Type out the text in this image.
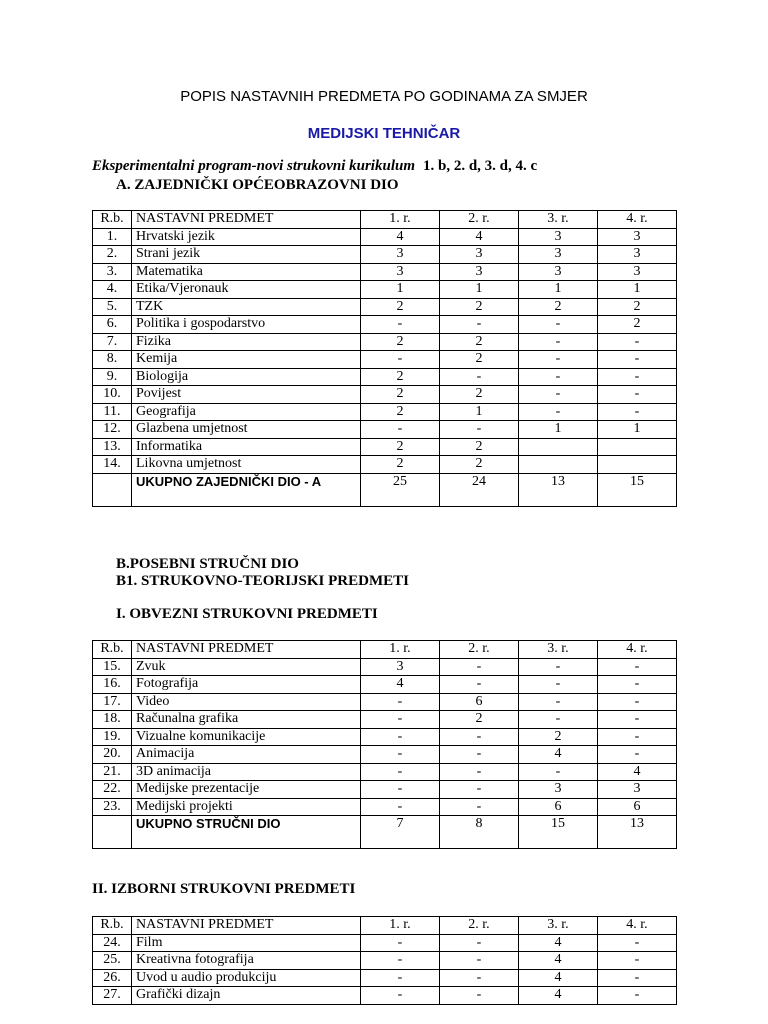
POPIS NASTAVNIH PREDMETA PO GODINAMA ZA SMJER
MEDIJSKI TEHNIČAR
Eksperimentalni program-novi strukovni kurikulum 1. b, 2. d, 3. d, 4. c
A. ZAJEDNIČKI OPĆEOBRAZOVNI DIO
R.b.	NASTAVNI PREDMET	1. r.	2. r.	3. r.	4. r.
1.	Hrvatski jezik	4	4	3	3
2.	Strani jezik	3	3	3	3
3.	Matematika	3	3	3	3
4.	Etika/Vjeronauk	1	1	1	1
5.	TZK	2	2	2	2
6.	Politika i gospodarstvo	-	-	-	2
7.	Fizika	2	2	-	-
8.	Kemija	-	2	-	-
9.	Biologija	2	-	-	-
10.	Povijest	2	2	-	-
11.	Geografija	2	1	-	-
12.	Glazbena umjetnost	-	-	1	1
13.	Informatika	2	2		
14.	Likovna umjetnost	2	2		
	UKUPNO ZAJEDNIČKI DIO - A	25	24	13	15
B.POSEBNI STRUČNI DIO
B1. STRUKOVNO-TEORIJSKI PREDMETI
I. OBVEZNI STRUKOVNI PREDMETI
R.b.	NASTAVNI PREDMET	1. r.	2. r.	3. r.	4. r.
15.	Zvuk	3	-	-	-
16.	Fotografija	4	-	-	-
17.	Video	-	6	-	-
18.	Računalna grafika	-	2	-	-
19.	Vizualne komunikacije	-	-	2	-
20.	Animacija	-	-	4	-
21.	3D animacija	-	-	-	4
22.	Medijske prezentacije	-	-	3	3
23.	Medijski projekti	-	-	6	6
	UKUPNO STRUČNI DIO	7	8	15	13
II. IZBORNI STRUKOVNI PREDMETI
R.b.	NASTAVNI PREDMET	1. r.	2. r.	3. r.	4. r.
24.	Film	-	-	4	-
25.	Kreativna fotografija	-	-	4	-
26.	Uvod u audio produkciju	-	-	4	-
27.	Grafički dizajn	-	-	4	-
